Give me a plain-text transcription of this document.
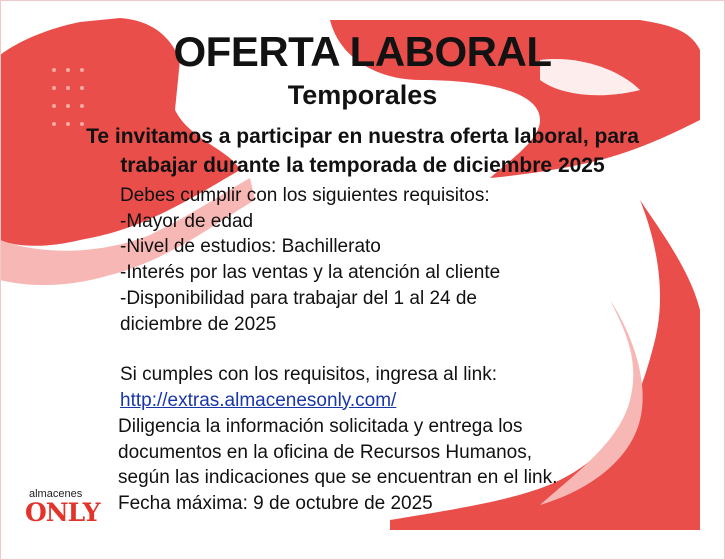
OFERTA LABORAL
Temporales
Te invitamos a participar en nuestra oferta laboral, para
trabajar durante la temporada de diciembre 2025
Debes cumplir con los siguientes requisitos:
-Mayor de edad
-Nivel de estudios: Bachillerato
-Interés por las ventas y la atención al cliente
-Disponibilidad para trabajar del 1 al 24 de
diciembre de 2025
Si cumples con los requisitos, ingresa al link:
http://extras.almacenesonly.com/
Diligencia la información solicitada y entrega los
documentos en la oficina de Recursos Humanos,
según las indicaciones que se encuentran en el link.
Fecha máxima: 9 de octubre de 2025
almacenes
ONLY
